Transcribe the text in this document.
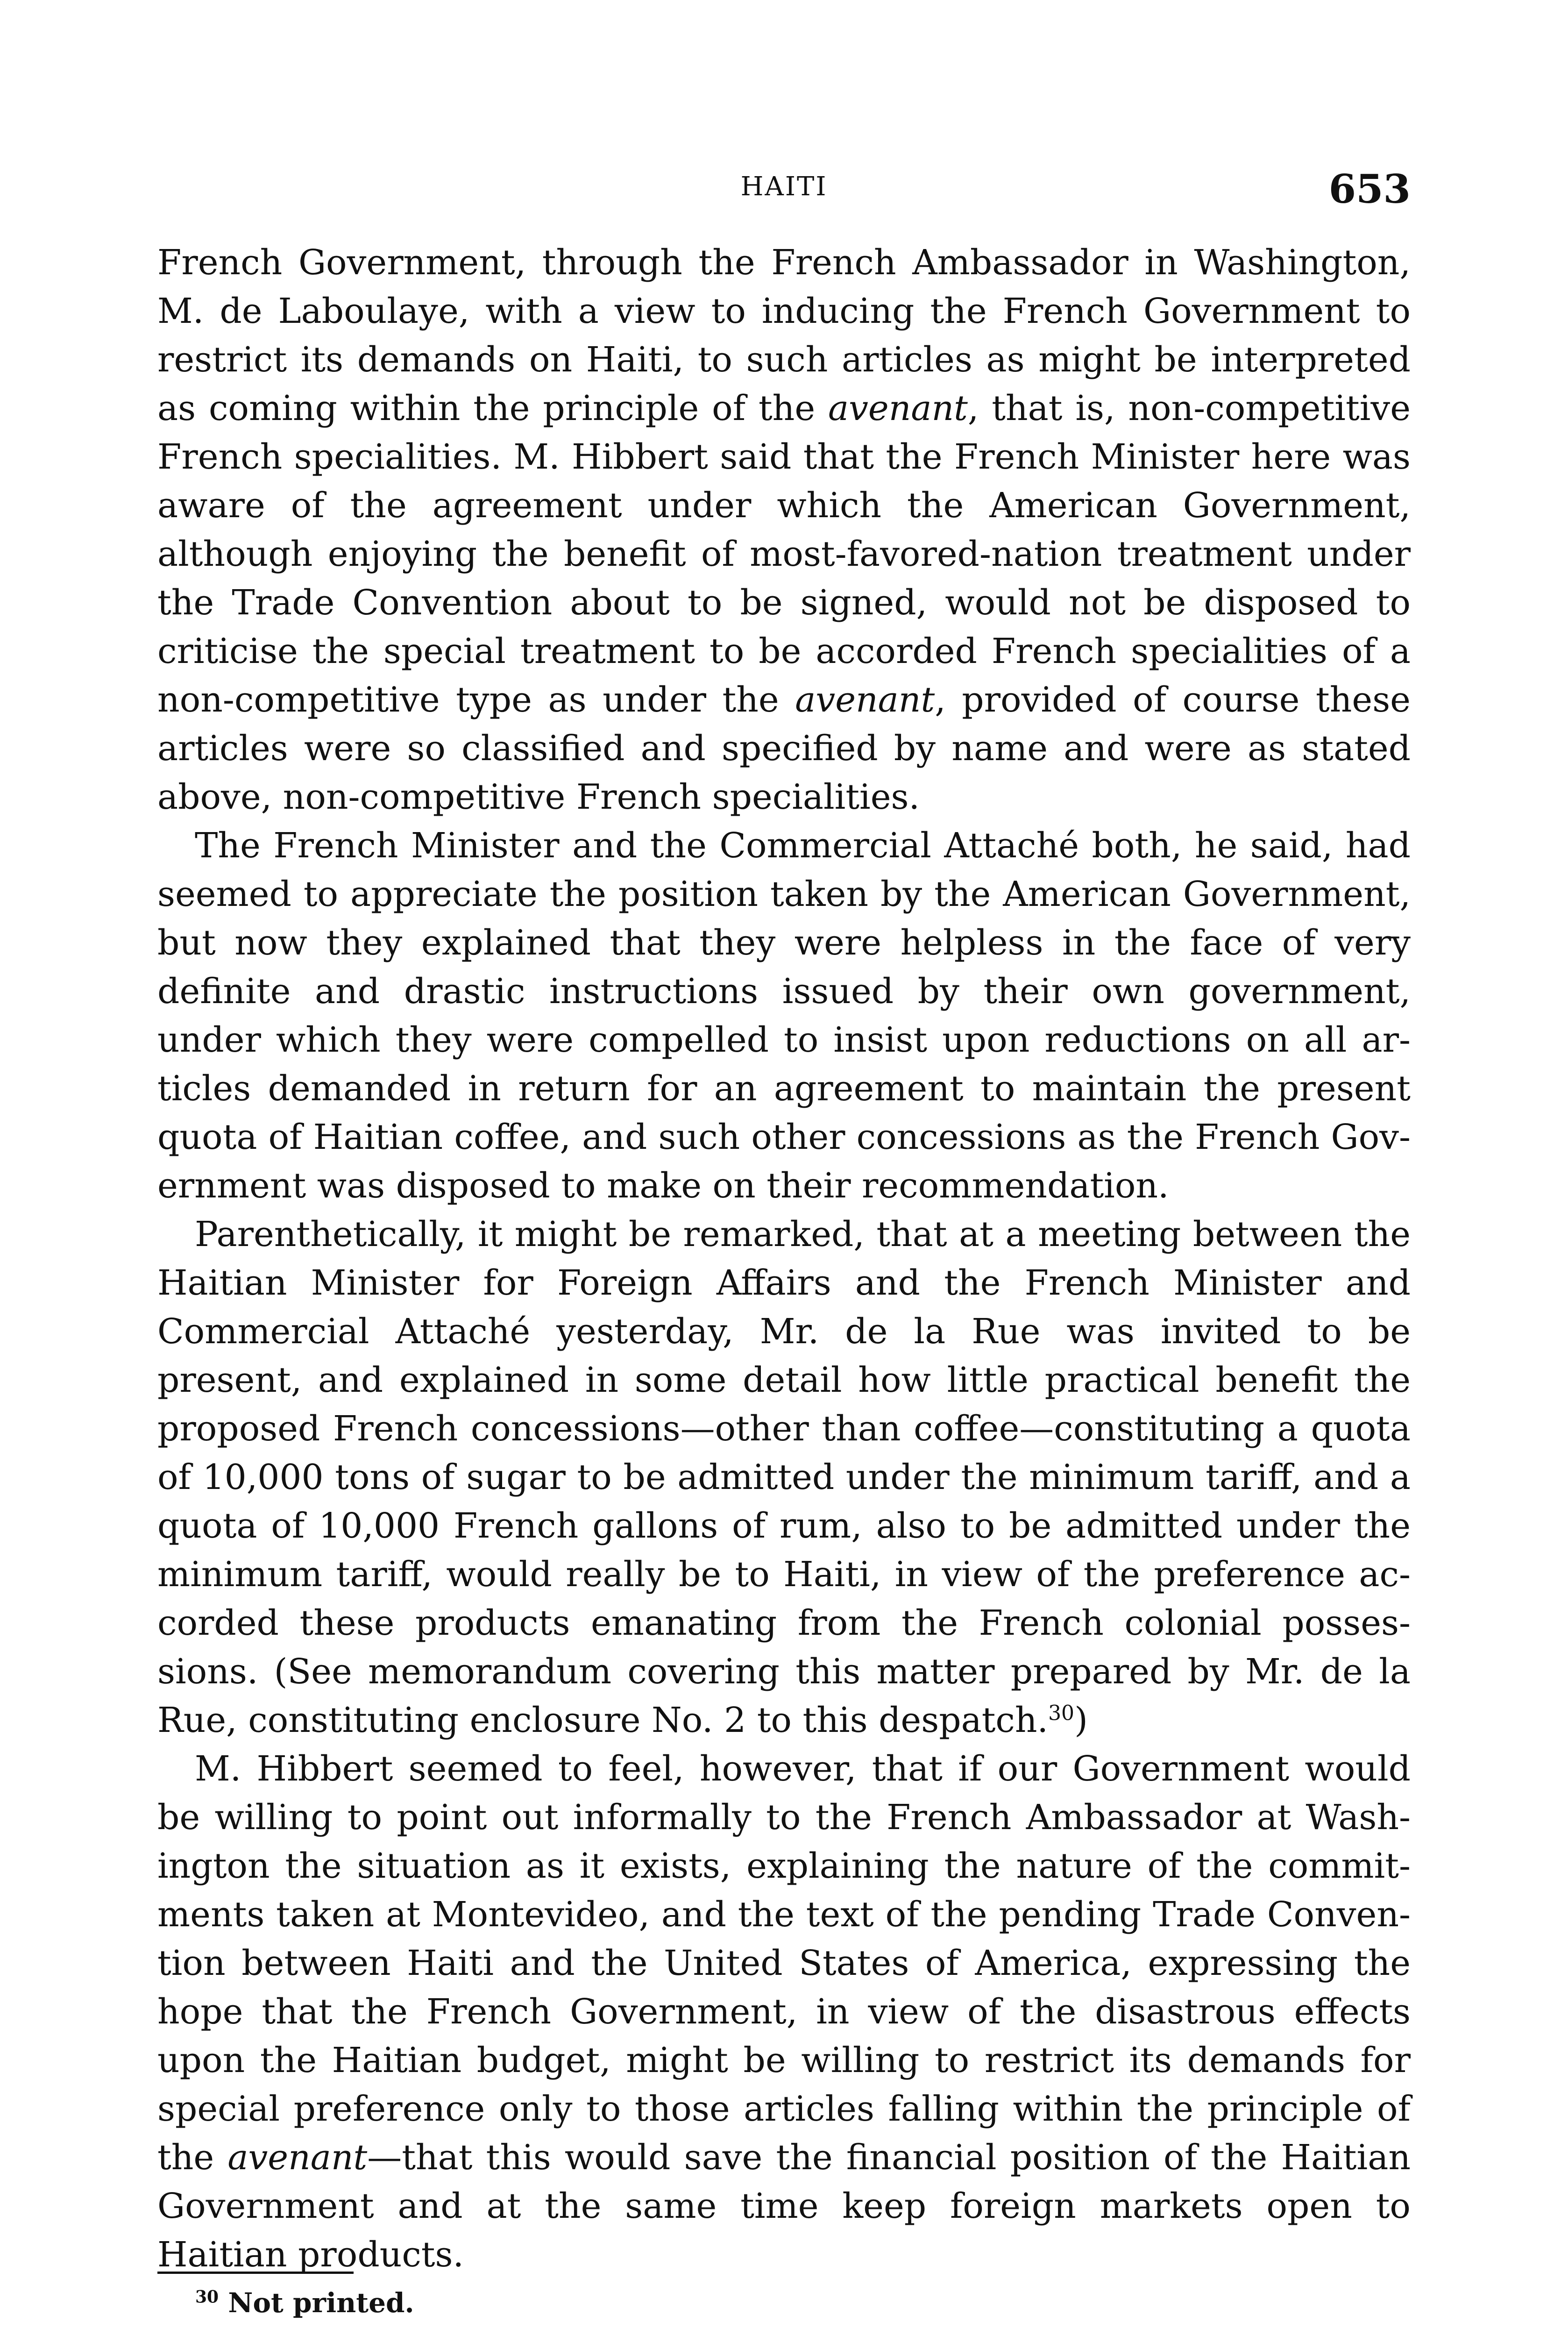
HAITI	653

French Government, through the French Ambassador in Washington, M. de Laboulaye, with a view to inducing the French Government to restrict its demands on Haiti, to such articles as might be interpreted as coming within the principle of the avenant, that is, non-competitive French specialities. M. Hibbert said that the French Minister here was aware of the agreement under which the American Government, although enjoying the benefit of most-favored-nation treatment under the Trade Convention about to be signed, would not be disposed to criticise the special treatment to be accorded French specialities of a non-competitive type as under the avenant, provided of course these articles were so classified and specified by name and were as stated above, non-competitive French specialities.

The French Minister and the Commercial Attaché both, he said, had seemed to appreciate the position taken by the American Government, but now they explained that they were helpless in the face of very definite and drastic instructions issued by their own government, under which they were compelled to insist upon reductions on all articles demanded in return for an agreement to maintain the present quota of Haitian coffee, and such other concessions as the French Government was disposed to make on their recommendation.

Parenthetically, it might be remarked, that at a meeting between the Haitian Minister for Foreign Affairs and the French Minister and Commercial Attaché yesterday, Mr. de la Rue was invited to be present, and explained in some detail how little practical benefit the proposed French concessions—other than coffee—constituting a quota of 10,000 tons of sugar to be admitted under the minimum tariff, and a quota of 10,000 French gallons of rum, also to be admitted under the minimum tariff, would really be to Haiti, in view of the preference accorded these products emanating from the French colonial possessions. (See memorandum covering this matter prepared by Mr. de la Rue, constituting enclosure No. 2 to this despatch.$^{30}$)

M. Hibbert seemed to feel, however, that if our Government would be willing to point out informally to the French Ambassador at Washington the situation as it exists, explaining the nature of the commitments taken at Montevideo, and the text of the pending Trade Convention between Haiti and the United States of America, expressing the hope that the French Government, in view of the disastrous effects upon the Haitian budget, might be willing to restrict its demands for special preference only to those articles falling within the principle of the avenant—that this would save the financial position of the Haitian Government and at the same time keep foreign markets open to Haitian products.

$^{30}$ Not printed.
